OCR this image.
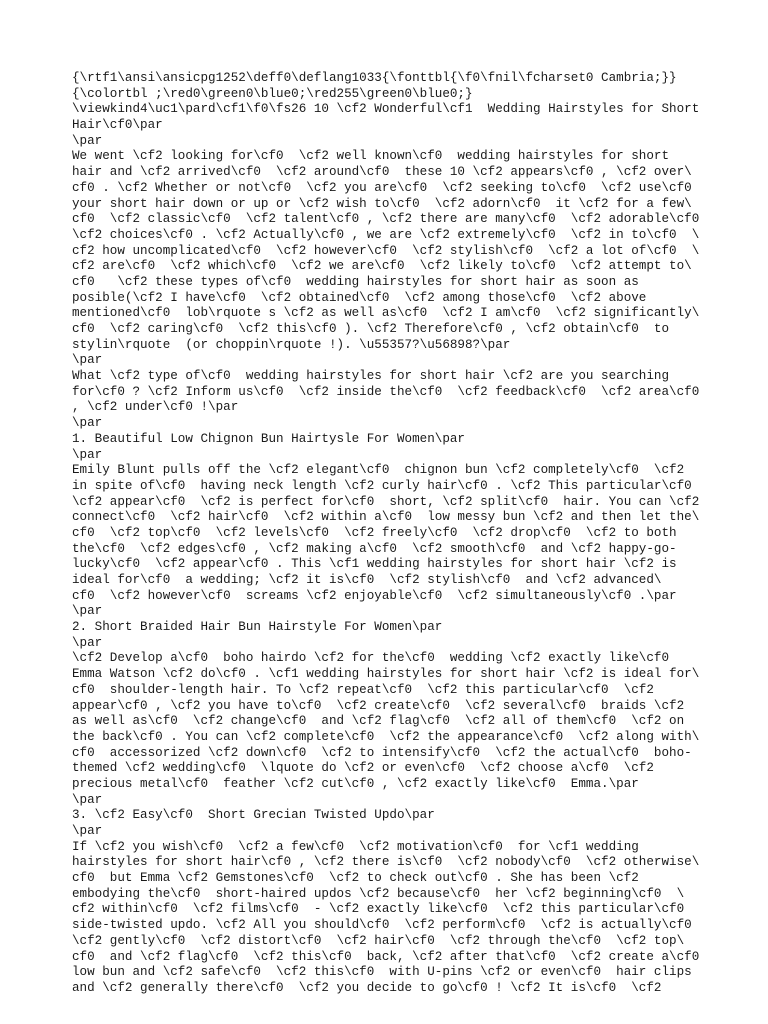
{\rtf1\ansi\ansicpg1252\deff0\deflang1033{\fonttbl{\f0\fnil\fcharset0 Cambria;}}
{\colortbl ;\red0\green0\blue0;\red255\green0\blue0;}
\viewkind4\uc1\pard\cf1\f0\fs26 10 \cf2 Wonderful\cf1  Wedding Hairstyles for Short
Hair\cf0\par
\par
We went \cf2 looking for\cf0  \cf2 well known\cf0  wedding hairstyles for short
hair and \cf2 arrived\cf0  \cf2 around\cf0  these 10 \cf2 appears\cf0 , \cf2 over\
cf0 . \cf2 Whether or not\cf0  \cf2 you are\cf0  \cf2 seeking to\cf0  \cf2 use\cf0
your short hair down or up or \cf2 wish to\cf0  \cf2 adorn\cf0  it \cf2 for a few\
cf0  \cf2 classic\cf0  \cf2 talent\cf0 , \cf2 there are many\cf0  \cf2 adorable\cf0
\cf2 choices\cf0 . \cf2 Actually\cf0 , we are \cf2 extremely\cf0  \cf2 in to\cf0  \
cf2 how uncomplicated\cf0  \cf2 however\cf0  \cf2 stylish\cf0  \cf2 a lot of\cf0  \
cf2 are\cf0  \cf2 which\cf0  \cf2 we are\cf0  \cf2 likely to\cf0  \cf2 attempt to\
cf0   \cf2 these types of\cf0  wedding hairstyles for short hair as soon as
posible(\cf2 I have\cf0  \cf2 obtained\cf0  \cf2 among those\cf0  \cf2 above
mentioned\cf0  lob\rquote s \cf2 as well as\cf0  \cf2 I am\cf0  \cf2 significantly\
cf0  \cf2 caring\cf0  \cf2 this\cf0 ). \cf2 Therefore\cf0 , \cf2 obtain\cf0  to
stylin\rquote  (or choppin\rquote !). \u55357?\u56898?\par
\par
What \cf2 type of\cf0  wedding hairstyles for short hair \cf2 are you searching
for\cf0 ? \cf2 Inform us\cf0  \cf2 inside the\cf0  \cf2 feedback\cf0  \cf2 area\cf0
, \cf2 under\cf0 !\par
\par
1. Beautiful Low Chignon Bun Hairtysle For Women\par
\par
Emily Blunt pulls off the \cf2 elegant\cf0  chignon bun \cf2 completely\cf0  \cf2
in spite of\cf0  having neck length \cf2 curly hair\cf0 . \cf2 This particular\cf0
\cf2 appear\cf0  \cf2 is perfect for\cf0  short, \cf2 split\cf0  hair. You can \cf2
connect\cf0  \cf2 hair\cf0  \cf2 within a\cf0  low messy bun \cf2 and then let the\
cf0  \cf2 top\cf0  \cf2 levels\cf0  \cf2 freely\cf0  \cf2 drop\cf0  \cf2 to both
the\cf0  \cf2 edges\cf0 , \cf2 making a\cf0  \cf2 smooth\cf0  and \cf2 happy-go-
lucky\cf0  \cf2 appear\cf0 . This \cf1 wedding hairstyles for short hair \cf2 is
ideal for\cf0  a wedding; \cf2 it is\cf0  \cf2 stylish\cf0  and \cf2 advanced\
cf0  \cf2 however\cf0  screams \cf2 enjoyable\cf0  \cf2 simultaneously\cf0 .\par
\par
2. Short Braided Hair Bun Hairstyle For Women\par
\par
\cf2 Develop a\cf0  boho hairdo \cf2 for the\cf0  wedding \cf2 exactly like\cf0
Emma Watson \cf2 do\cf0 . \cf1 wedding hairstyles for short hair \cf2 is ideal for\
cf0  shoulder-length hair. To \cf2 repeat\cf0  \cf2 this particular\cf0  \cf2
appear\cf0 , \cf2 you have to\cf0  \cf2 create\cf0  \cf2 several\cf0  braids \cf2
as well as\cf0  \cf2 change\cf0  and \cf2 flag\cf0  \cf2 all of them\cf0  \cf2 on
the back\cf0 . You can \cf2 complete\cf0  \cf2 the appearance\cf0  \cf2 along with\
cf0  accessorized \cf2 down\cf0  \cf2 to intensify\cf0  \cf2 the actual\cf0  boho-
themed \cf2 wedding\cf0  \lquote do \cf2 or even\cf0  \cf2 choose a\cf0  \cf2
precious metal\cf0  feather \cf2 cut\cf0 , \cf2 exactly like\cf0  Emma.\par
\par
3. \cf2 Easy\cf0  Short Grecian Twisted Updo\par
\par
If \cf2 you wish\cf0  \cf2 a few\cf0  \cf2 motivation\cf0  for \cf1 wedding
hairstyles for short hair\cf0 , \cf2 there is\cf0  \cf2 nobody\cf0  \cf2 otherwise\
cf0  but Emma \cf2 Gemstones\cf0  \cf2 to check out\cf0 . She has been \cf2
embodying the\cf0  short-haired updos \cf2 because\cf0  her \cf2 beginning\cf0  \
cf2 within\cf0  \cf2 films\cf0  - \cf2 exactly like\cf0  \cf2 this particular\cf0
side-twisted updo. \cf2 All you should\cf0  \cf2 perform\cf0  \cf2 is actually\cf0
\cf2 gently\cf0  \cf2 distort\cf0  \cf2 hair\cf0  \cf2 through the\cf0  \cf2 top\
cf0  and \cf2 flag\cf0  \cf2 this\cf0  back, \cf2 after that\cf0  \cf2 create a\cf0
low bun and \cf2 safe\cf0  \cf2 this\cf0  with U-pins \cf2 or even\cf0  hair clips
and \cf2 generally there\cf0  \cf2 you decide to go\cf0 ! \cf2 It is\cf0  \cf2
